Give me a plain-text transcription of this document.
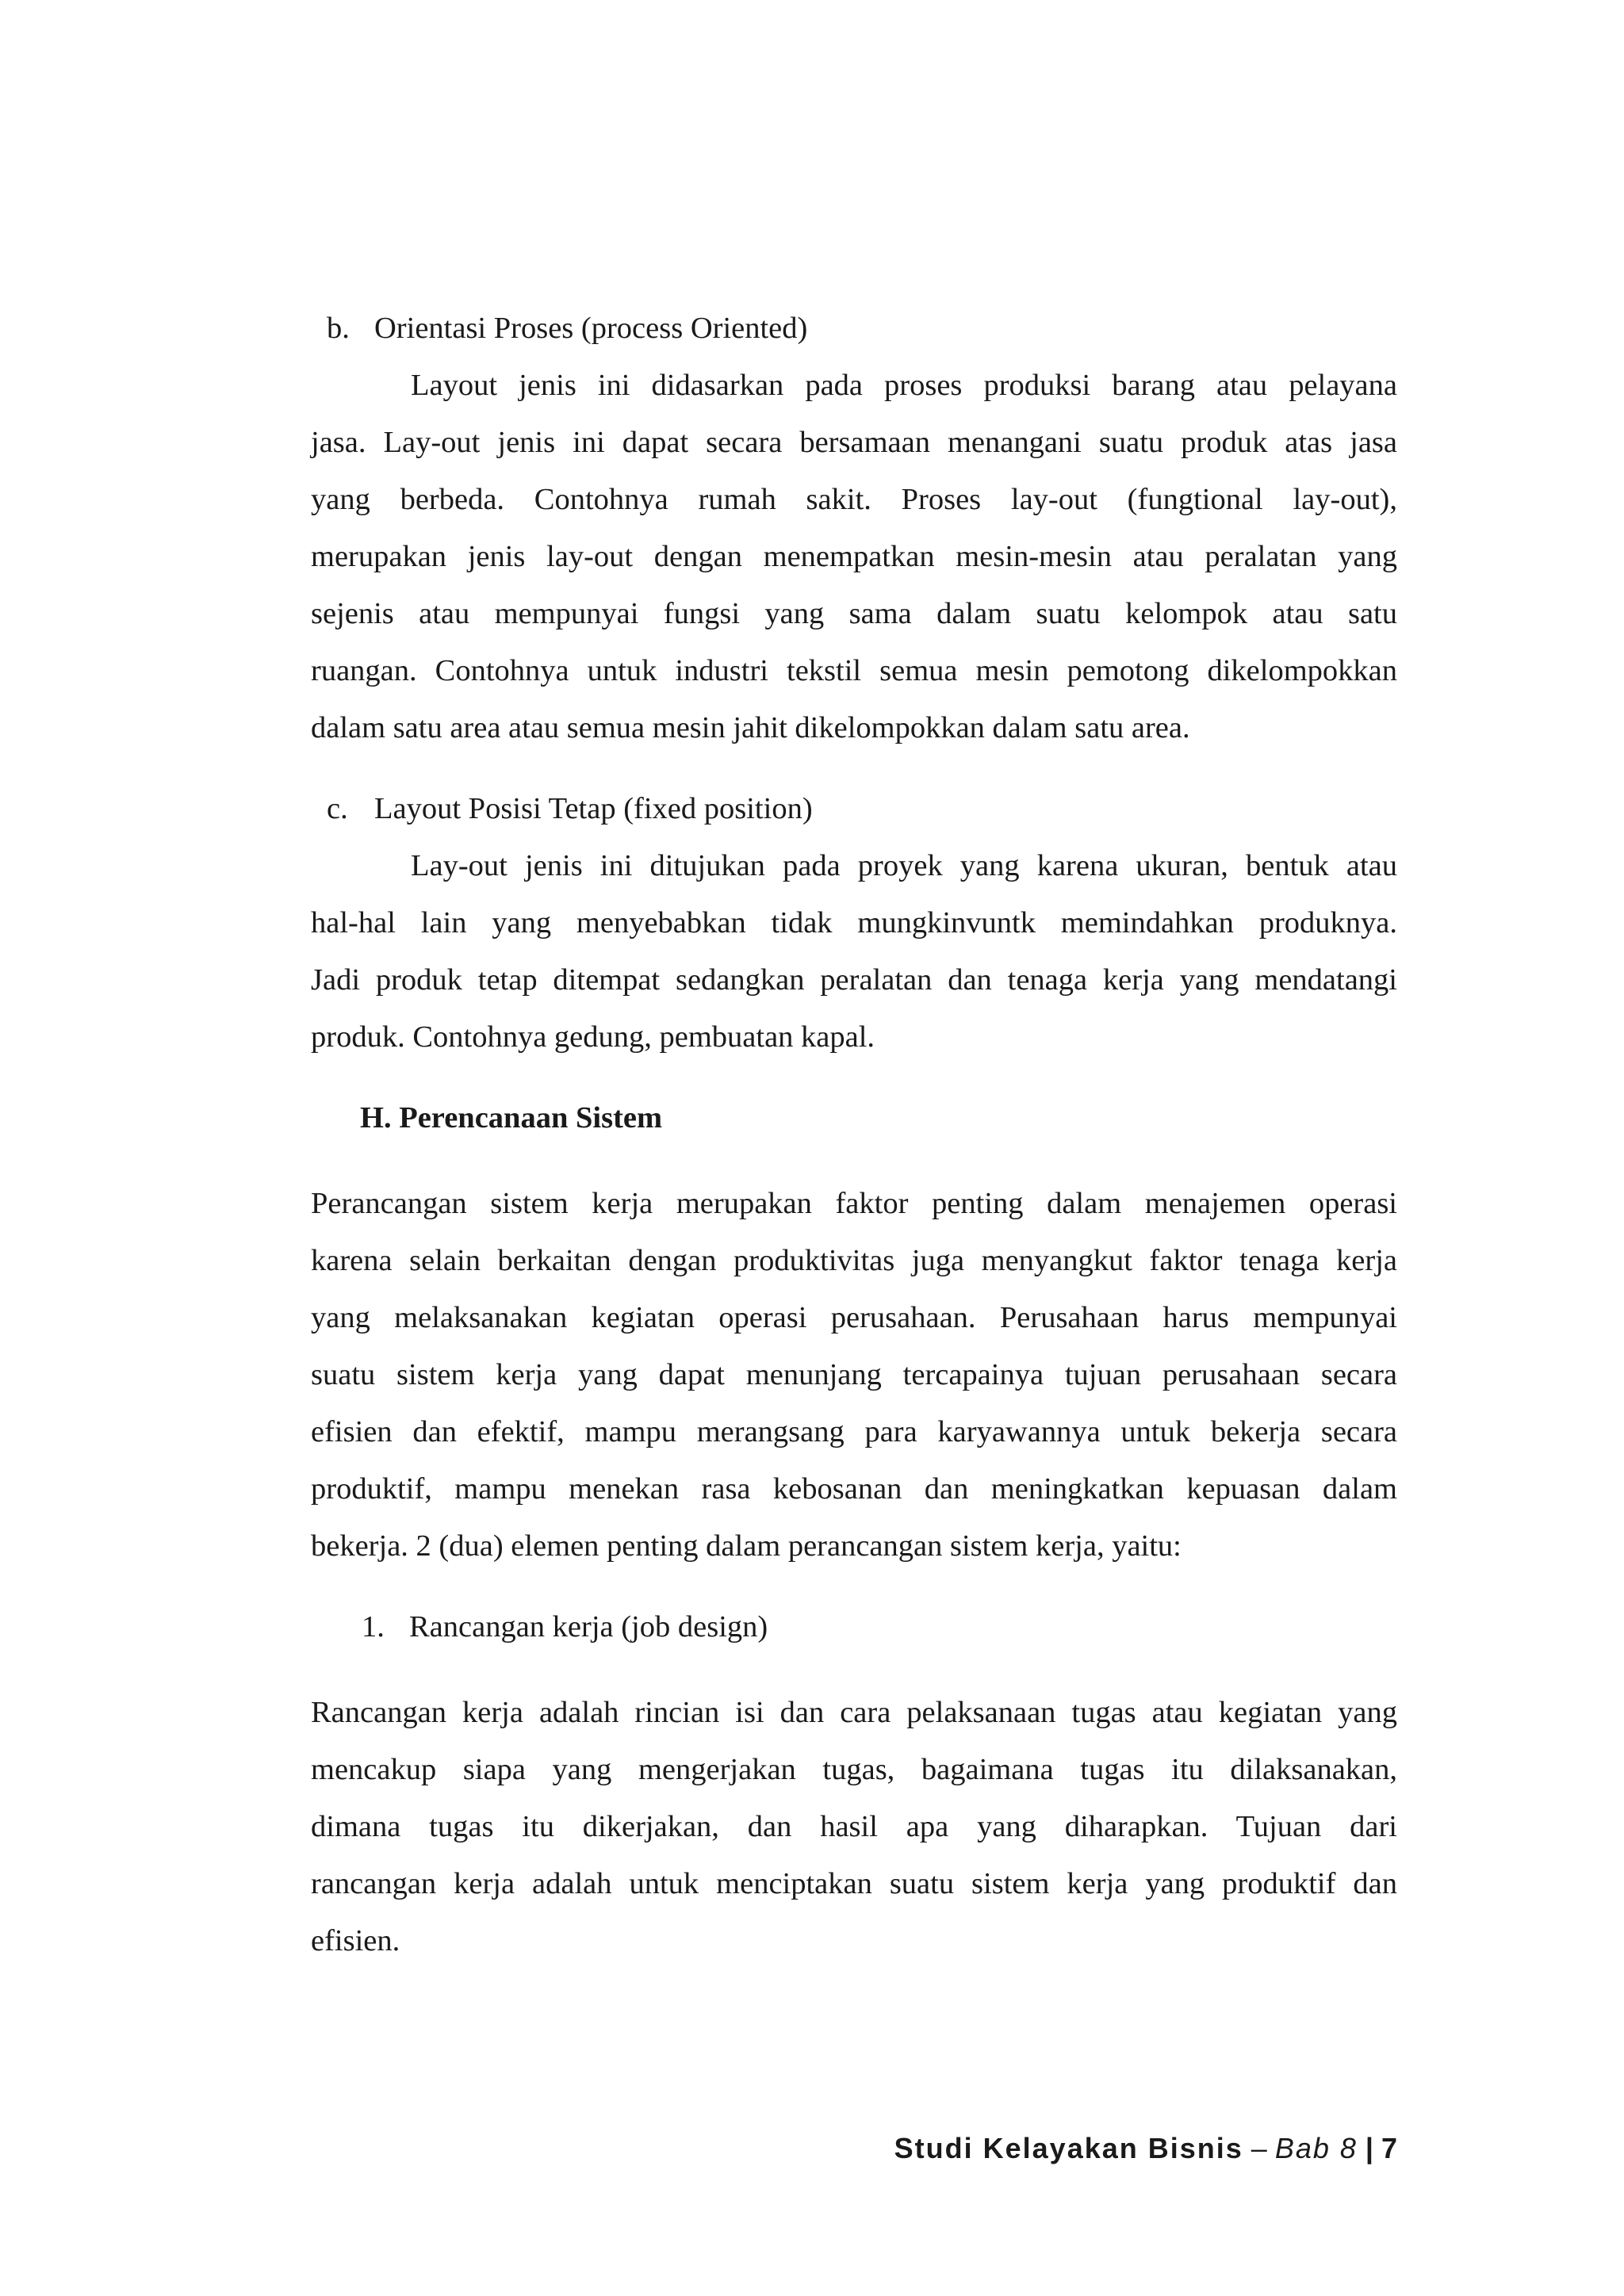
b. Orientasi Proses (process Oriented)
Layout jenis ini didasarkan pada proses produksi barang atau pelayana
jasa. Lay-out jenis ini dapat secara bersamaan menangani suatu produk atas jasa
yang berbeda. Contohnya rumah sakit. Proses lay-out (fungtional lay-out),
merupakan jenis lay-out dengan menempatkan mesin-mesin atau peralatan yang
sejenis atau mempunyai fungsi yang sama dalam suatu kelompok atau satu
ruangan. Contohnya untuk industri tekstil semua mesin pemotong dikelompokkan
dalam satu area atau semua mesin jahit dikelompokkan dalam satu area.
c. Layout Posisi Tetap (fixed position)
Lay-out jenis ini ditujukan pada proyek yang karena ukuran, bentuk atau
hal-hal lain yang menyebabkan tidak mungkinvuntk memindahkan produknya.
Jadi produk tetap ditempat sedangkan peralatan dan tenaga kerja yang mendatangi
produk. Contohnya gedung, pembuatan kapal.
H. Perencanaan Sistem
Perancangan sistem kerja merupakan faktor penting dalam menajemen operasi
karena selain berkaitan dengan produktivitas juga menyangkut faktor tenaga kerja
yang melaksanakan kegiatan operasi perusahaan. Perusahaan harus mempunyai
suatu sistem kerja yang dapat menunjang tercapainya tujuan perusahaan secara
efisien dan efektif, mampu merangsang para karyawannya untuk bekerja secara
produktif, mampu menekan rasa kebosanan dan meningkatkan kepuasan dalam
bekerja. 2 (dua) elemen penting dalam perancangan sistem kerja, yaitu:
1. Rancangan kerja (job design)
Rancangan kerja adalah rincian isi dan cara pelaksanaan tugas atau kegiatan yang
mencakup siapa yang mengerjakan tugas, bagaimana tugas itu dilaksanakan,
dimana tugas itu dikerjakan, dan hasil apa yang diharapkan. Tujuan dari
rancangan kerja adalah untuk menciptakan suatu sistem kerja yang produktif dan
efisien.
Studi Kelayakan Bisnis – Bab 8 | 7
